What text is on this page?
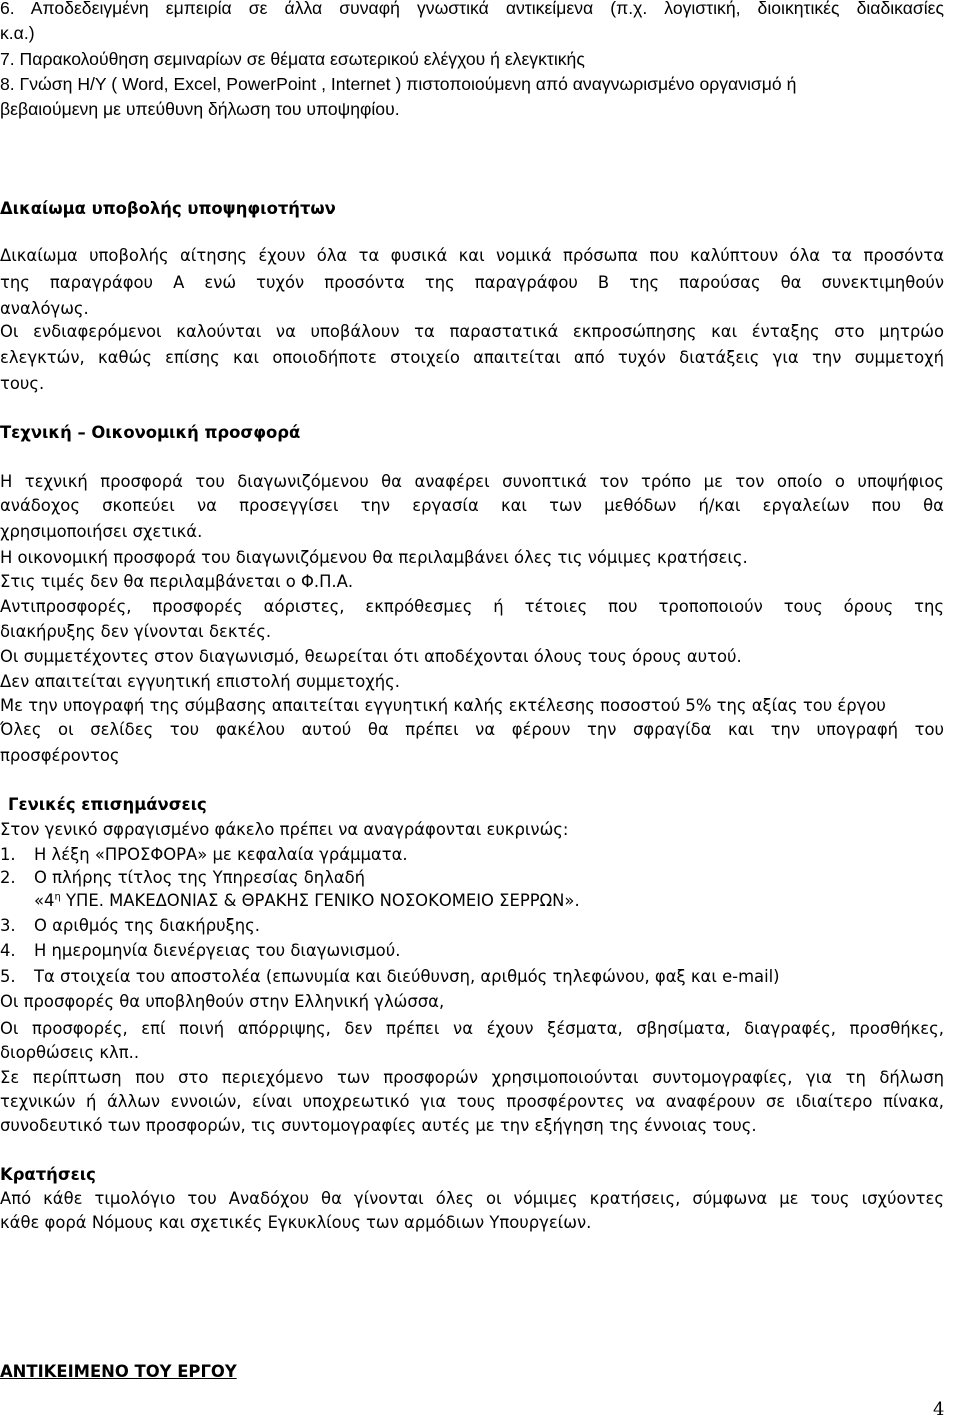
6. Αποδεδειγμένη εμπειρία σε άλλα συναφή γνωστικά αντικείμενα (π.χ. λογιστική, διοικητικές διαδικασίες

κ.α.)

7. Παρακολούθηση σεμιναρίων σε θέματα εσωτερικού ελέγχου ή ελεγκτικής

8. Γνώση Η/Υ ( Word, Excel, PowerPoint , Internet ) πιστοποιούμενη από αναγνωρισμένο οργανισμό ή

βεβαιούμενη με υπεύθυνη δήλωση του υποψηφίου.

Δικαίωμα υποβολής υποψηφιοτήτων

Δικαίωμα υποβολής αίτησης έχουν όλα τα φυσικά και νομικά πρόσωπα που καλύπτουν όλα τα προσόντα

της παραγράφου Α ενώ τυχόν προσόντα της παραγράφου Β της παρούσας θα συνεκτιμηθούν

αναλόγως.

Οι ενδιαφερόμενοι καλούνται να υποβάλουν τα παραστατικά εκπροσώπησης και ένταξης στο μητρώο

ελεγκτών, καθώς επίσης και οποιοδήποτε στοιχείο απαιτείται από τυχόν διατάξεις για την συμμετοχή

τους.

Τεχνική – Οικονομική προσφορά

Η τεχνική προσφορά του διαγωνιζόμενου θα αναφέρει συνοπτικά τον τρόπο με τον οποίο ο υποψήφιος

ανάδοχος σκοπεύει να προσεγγίσει την εργασία και των μεθόδων ή/και εργαλείων που θα

χρησιμοποιήσει σχετικά.

Η οικονομική προσφορά του διαγωνιζόμενου θα περιλαμβάνει όλες τις νόμιμες κρατήσεις.

Στις τιμές δεν θα περιλαμβάνεται ο Φ.Π.Α.

Αντιπροσφορές, προσφορές αόριστες, εκπρόθεσμες ή τέτοιες που τροποποιούν τους όρους της

διακήρυξης δεν γίνονται δεκτές.

Οι συμμετέχοντες στον διαγωνισμό, θεωρείται ότι αποδέχονται όλους τους όρους αυτού.

Δεν απαιτείται εγγυητική επιστολή συμμετοχής.

Με την υπογραφή της σύμβασης απαιτείται εγγυητική καλής εκτέλεσης ποσοστού 5% της αξίας του έργου

Όλες οι σελίδες του φακέλου αυτού θα πρέπει να φέρουν την σφραγίδα και την υπογραφή του

προσφέροντος

Γενικές επισημάνσεις

Στον γενικό σφραγισμένο φάκελο πρέπει να αναγράφονται ευκρινώς:

1. Η λέξη «ΠΡΟΣΦΟΡΑ» με κεφαλαία γράμματα.

2. Ο πλήρης τίτλος της Υπηρεσίας δηλαδή

«$4^\eta$ ΥΠΕ. ΜΑΚΕΔΟΝΙΑΣ & ΘΡΑΚΗΣ ΓΕΝΙΚΟ ΝΟΣΟΚΟΜΕΙΟ ΣΕΡΡΩΝ».

3. Ο αριθμός της διακήρυξης.

4. Η ημερομηνία διενέργειας του διαγωνισμού.

5. Τα στοιχεία του αποστολέα (επωνυμία και διεύθυνση, αριθμός τηλεφώνου, φαξ και e-mail)

Οι προσφορές θα υποβληθούν στην Ελληνική γλώσσα,

Οι προσφορές, επί ποινή απόρριψης, δεν πρέπει να έχουν ξέσματα, σβησίματα, διαγραφές, προσθήκες,

διορθώσεις κλπ..

Σε περίπτωση που στο περιεχόμενο των προσφορών χρησιμοποιούνται συντομογραφίες, για τη δήλωση

τεχνικών ή άλλων εννοιών, είναι υποχρεωτικό για τους προσφέροντες να αναφέρουν σε ιδιαίτερο πίνακα,

συνοδευτικό των προσφορών, τις συντομογραφίες αυτές με την εξήγηση της έννοιας τους.

Κρατήσεις

Από κάθε τιμολόγιο του Αναδόχου θα γίνονται όλες οι νόμιμες κρατήσεις, σύμφωνα με τους ισχύοντες

κάθε φορά Νόμους και σχετικές Εγκυκλίους των αρμόδιων Υπουργείων.

ΑΝΤΙΚΕΙΜΕΝΟ ΤΟΥ ΕΡΓΟΥ

4
